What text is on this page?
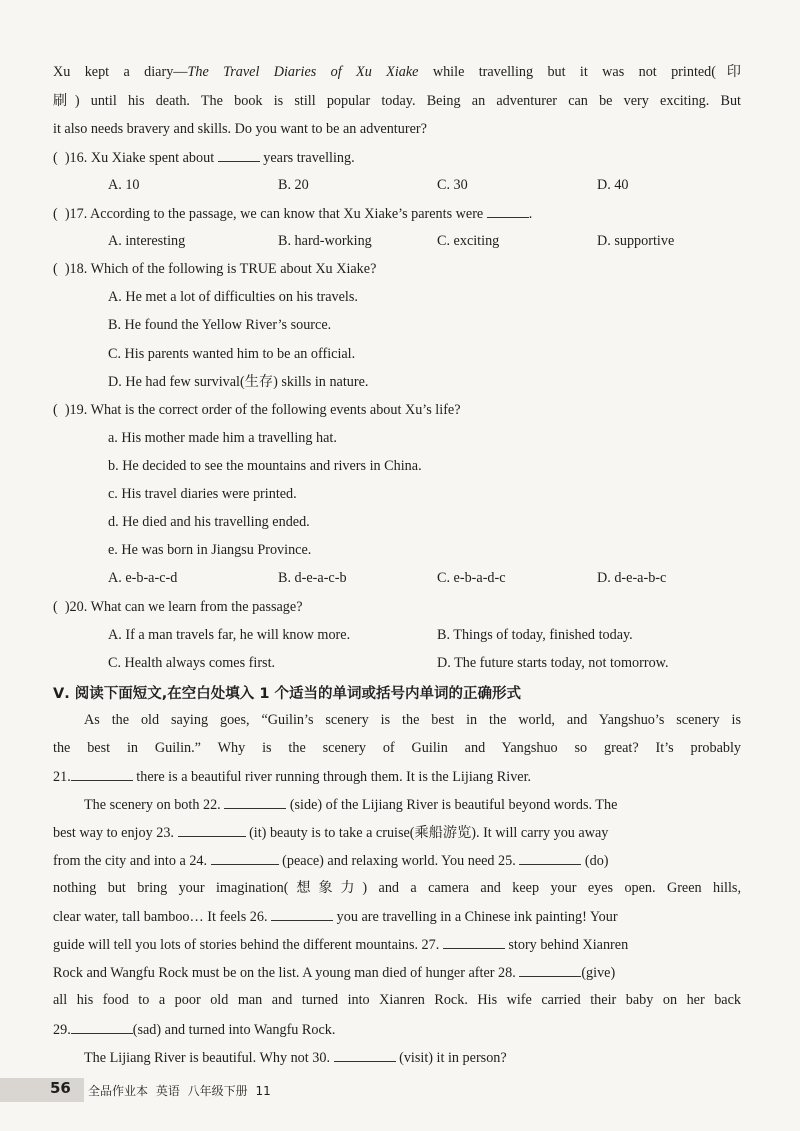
Xu kept a diary—The Travel Diaries of Xu Xiake while travelling but it was not printed(印
刷) until his death. The book is still popular today. Being an adventurer can be very exciting. But
it also needs bravery and skills. Do you want to be an adventurer?
(  )16. Xu Xiake spent about	years travelling.
A. 10	B. 20	C. 30	D. 40
(  )17. According to the passage, we can know that Xu Xiake’s parents were	.
A. interesting	B. hard-working	C. exciting	D. supportive
(  )18. Which of the following is TRUE about Xu Xiake?
A. He met a lot of difficulties on his travels.
B. He found the Yellow River’s source.
C. His parents wanted him to be an official.
D. He had few survival(生存) skills in nature.
(  )19. What is the correct order of the following events about Xu’s life?
a. His mother made him a travelling hat.
b. He decided to see the mountains and rivers in China.
c. His travel diaries were printed.
d. He died and his travelling ended.
e. He was born in Jiangsu Province.
A. e-b-a-c-d	B. d-e-a-c-b	C. e-b-a-d-c	D. d-e-a-b-c
(  )20. What can we learn from the passage?
A. If a man travels far, he will know more.	B. Things of today, finished today.
C. Health always comes first.	D. The future starts today, not tomorrow.
Ⅴ. 阅读下面短文,在空白处填入 1 个适当的单词或括号内单词的正确形式
As the old saying goes, “Guilin’s scenery is the best in the world, and Yangshuo’s scenery is
the best in Guilin.” Why is the scenery of Guilin and Yangshuo so great? It’s probably
21.	there is a beautiful river running through them. It is the Lijiang River.
The scenery on both 22.	(side) of the Lijiang River is beautiful beyond words. The
best way to enjoy 23.	(it) beauty is to take a cruise(乘船游览). It will carry you away
from the city and into a 24.	(peace) and relaxing world. You need 25.	(do)
nothing but bring your imagination(想象力) and a camera and keep your eyes open. Green hills,
clear water, tall bamboo… It feels 26.	you are travelling in a Chinese ink painting! Your
guide will tell you lots of stories behind the different mountains. 27.	story behind Xianren
Rock and Wangfu Rock must be on the list. A young man died of hunger after 28.	(give)
all his food to a poor old man and turned into Xianren Rock. His wife carried their baby on her back
29.	(sad) and turned into Wangfu Rock.
The Lijiang River is beautiful. Why not 30.	(visit) it in person?
56 全品作业本 英语 八年级下册 11
